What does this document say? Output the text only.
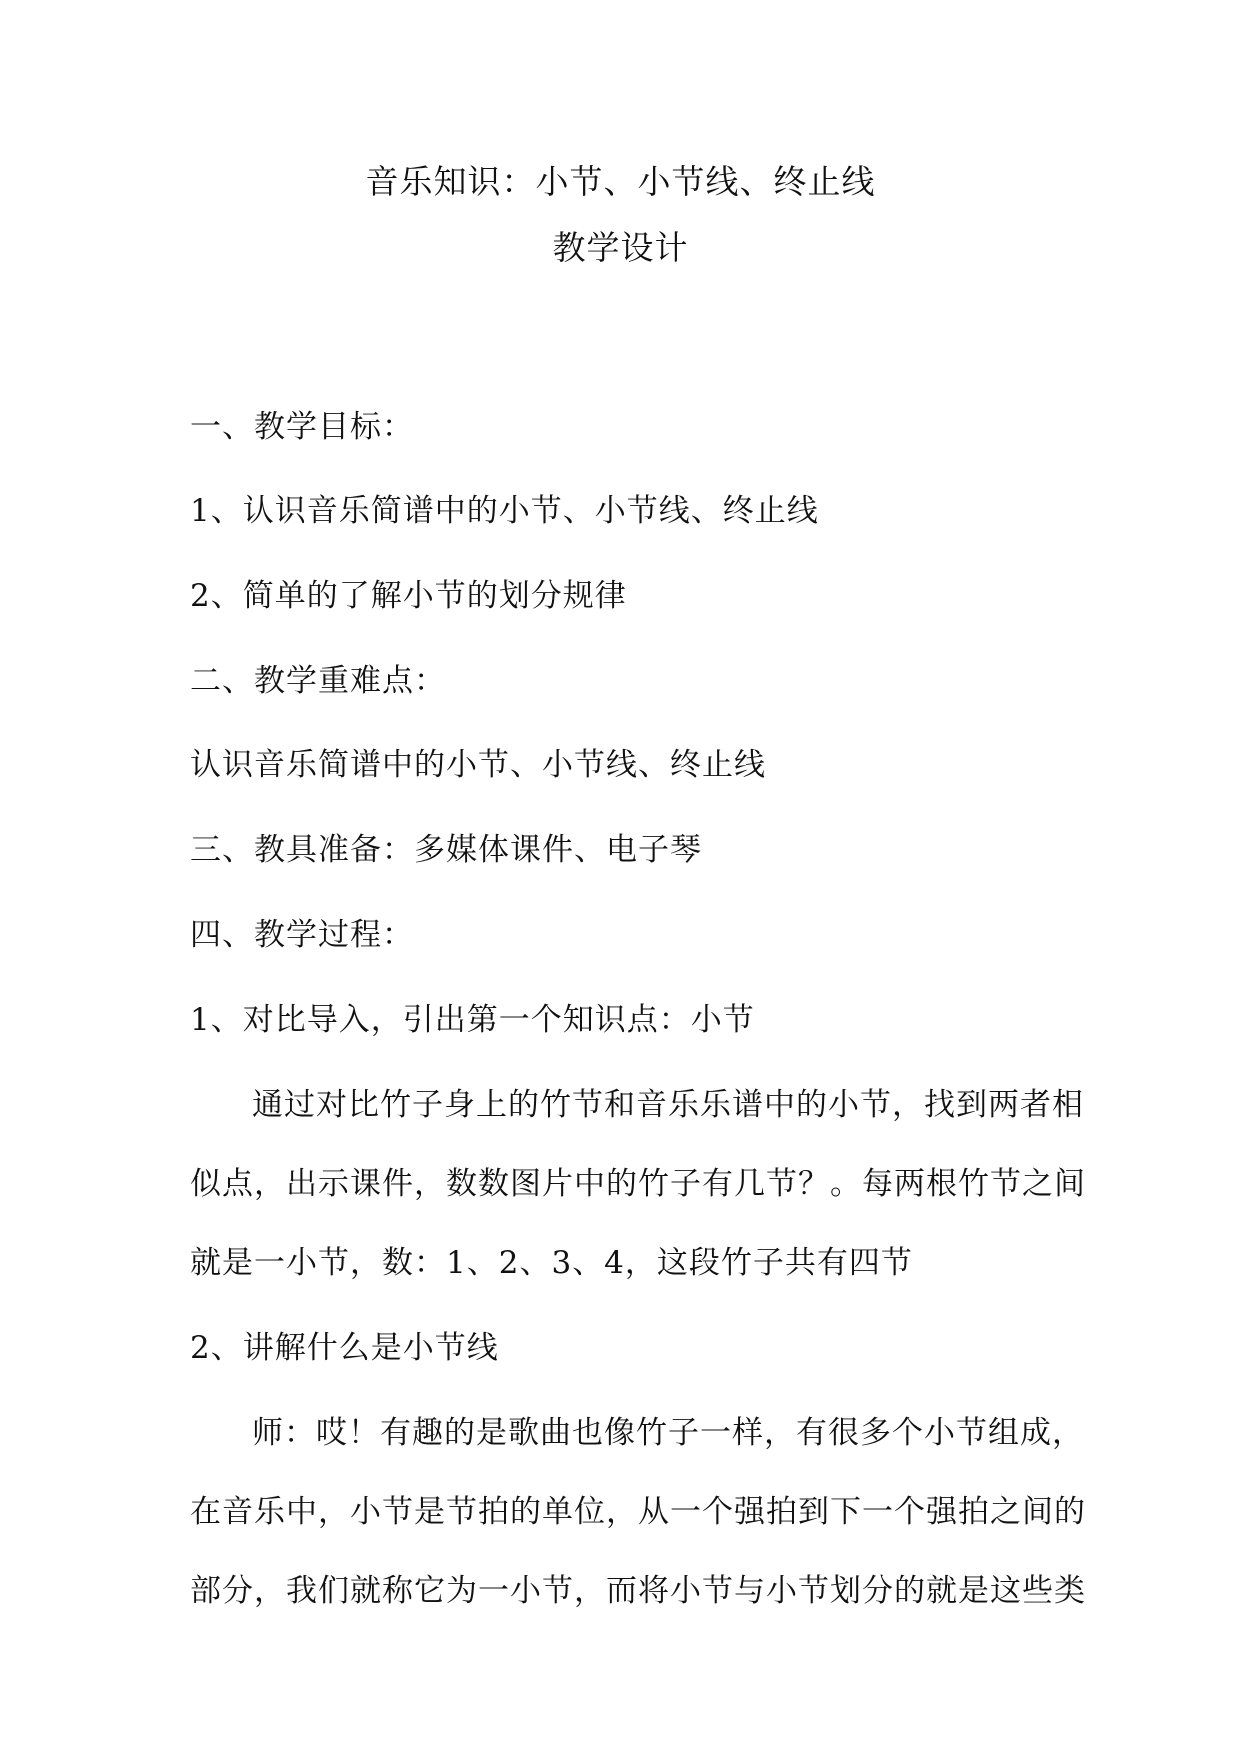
音乐知识：小节、小节线、终止线
教学设计
一、教学目标：
1、认识音乐简谱中的小节、小节线、终止线
2、简单的了解小节的划分规律
二、教学重难点：
认识音乐简谱中的小节、小节线、终止线
三、教具准备：多媒体课件、电子琴
四、教学过程：
1、对比导入，引出第一个知识点：小节
通过对比竹子身上的竹节和音乐乐谱中的小节，找到两者相
似点，出示课件，数数图片中的竹子有几节？。每两根竹节之间
就是一小节，数：1、2、3、4，这段竹子共有四节
2、讲解什么是小节线
师：哎！有趣的是歌曲也像竹子一样，有很多个小节组成，
在音乐中，小节是节拍的单位，从一个强拍到下一个强拍之间的
部分，我们就称它为一小节，而将小节与小节划分的就是这些类
